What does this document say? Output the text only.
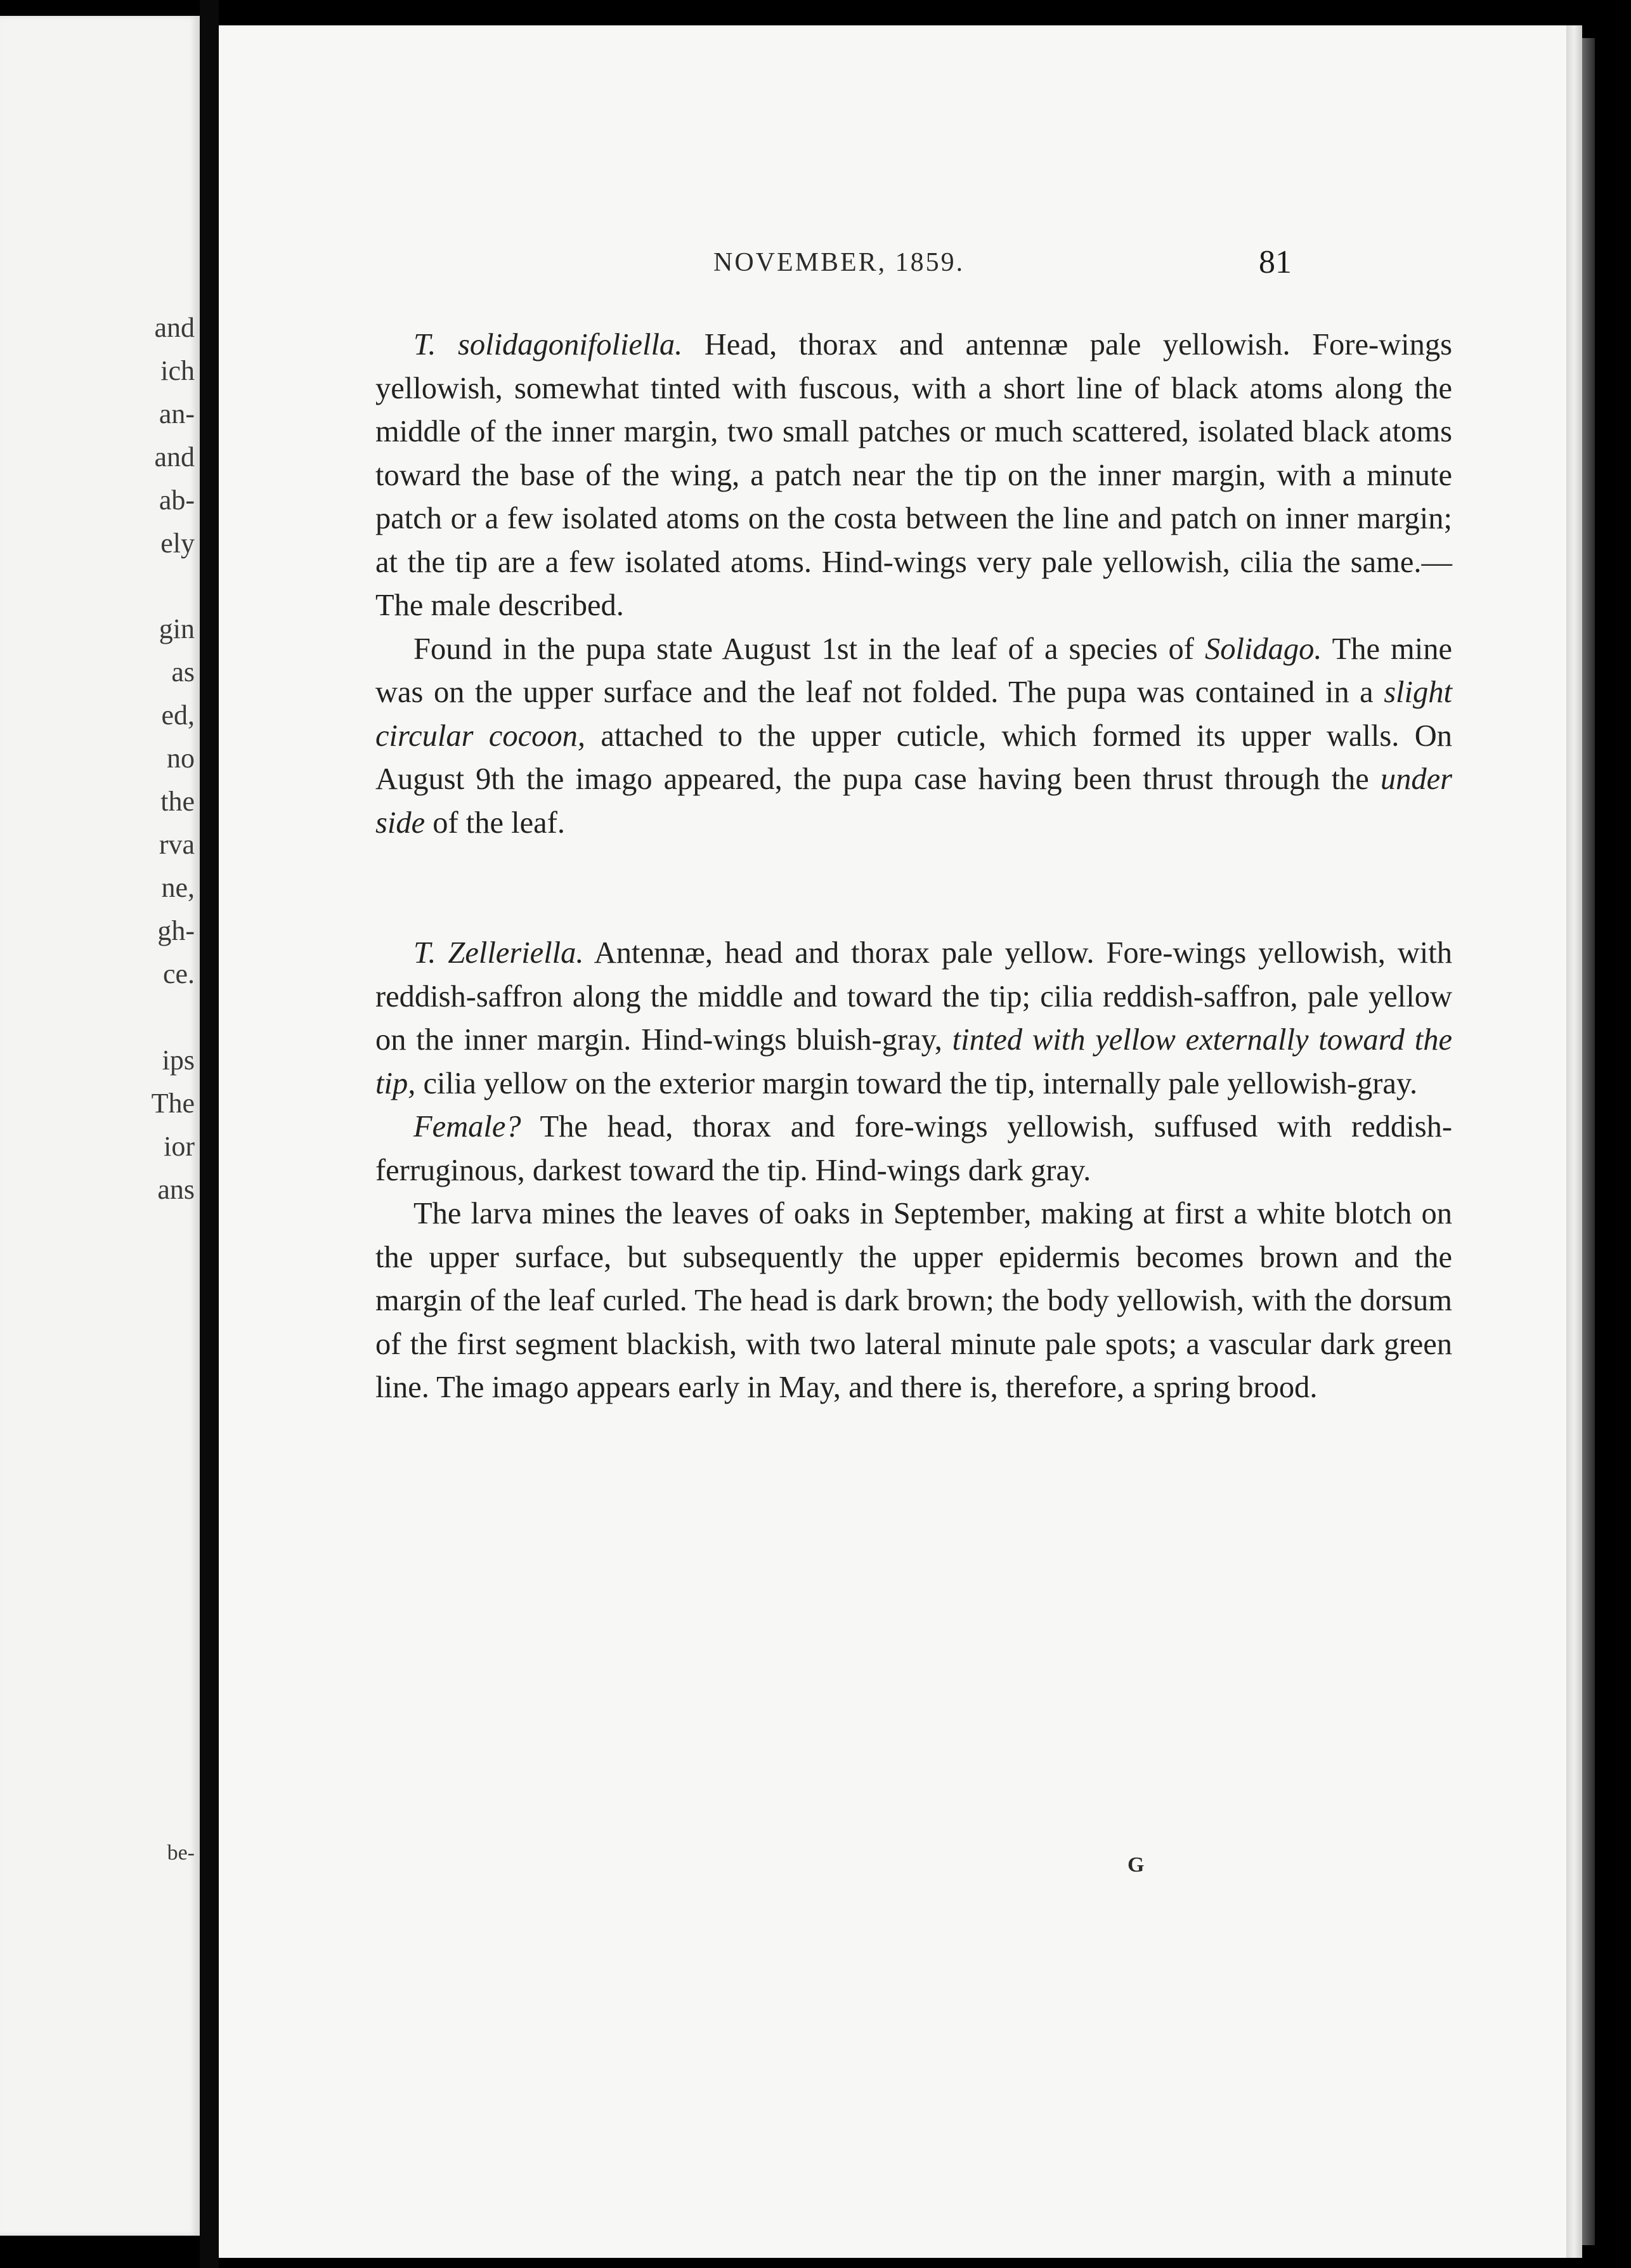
and
ich
an-
and
ab-
ely
gin
as
ed,
no
the
rva
ne,
gh-
ce.
ips
The
ior
ans
be-
NOVEMBER, 1859.	81

T. solidagonifoliella. Head, thorax and antennæ pale yellowish. Fore-wings yellowish, somewhat tinted with fuscous, with a short line of black atoms along the middle of the inner margin, two small patches or much scattered, isolated black atoms toward the base of the wing, a patch near the tip on the inner margin, with a minute patch or a few isolated atoms on the costa between the line and patch on inner margin; at the tip are a few isolated atoms. Hind-wings very pale yellowish, cilia the same.—The male described.

Found in the pupa state August 1st in the leaf of a species of Solidago. The mine was on the upper surface and the leaf not folded. The pupa was contained in a slight circular cocoon, attached to the upper cuticle, which formed its upper walls. On August 9th the imago appeared, the pupa case having been thrust through the under side of the leaf.

T. Zelleriella. Antennæ, head and thorax pale yellow. Fore-wings yellowish, with reddish-saffron along the middle and toward the tip; cilia reddish-saffron, pale yellow on the inner margin. Hind-wings bluish-gray, tinted with yellow externally toward the tip, cilia yellow on the exterior margin toward the tip, internally pale yellowish-gray.

Female? The head, thorax and fore-wings yellowish, suffused with reddish-ferruginous, darkest toward the tip. Hind-wings dark gray.

The larva mines the leaves of oaks in September, making at first a white blotch on the upper surface, but subsequently the upper epidermis becomes brown and the margin of the leaf curled. The head is dark brown; the body yellowish, with the dorsum of the first segment blackish, with two lateral minute pale spots; a vascular dark green line. The imago appears early in May, and there is, therefore, a spring brood.

G
